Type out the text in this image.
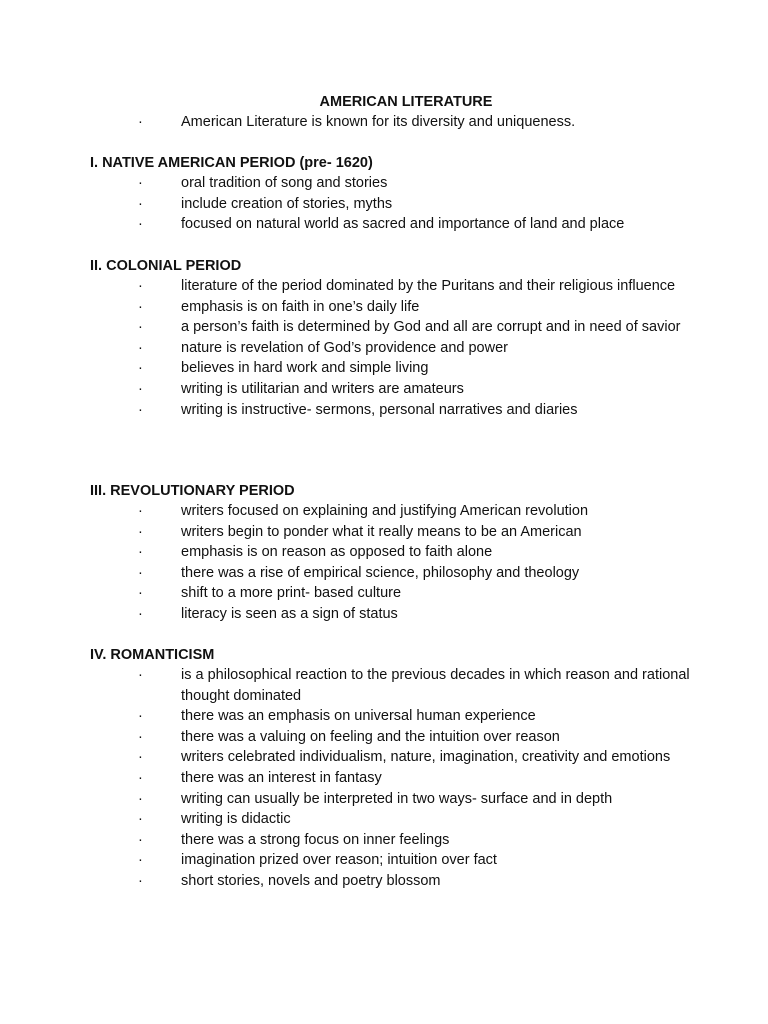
AMERICAN LITERATURE
·	American Literature is known for its diversity and uniqueness.
I. NATIVE AMERICAN PERIOD (pre- 1620)
·	oral tradition of song and stories
·	include creation of stories, myths
·	focused on natural world as sacred and importance of land and place
II. COLONIAL PERIOD
·	literature of the period dominated by the Puritans and their religious influence
·	emphasis is on faith in one’s daily life
·	a person’s faith is determined by God and all are corrupt and in need of savior
·	nature is revelation of God’s providence and power
·	believes in hard work and simple living
·	writing is utilitarian and writers are amateurs
·	writing is instructive- sermons, personal narratives and diaries
III. REVOLUTIONARY PERIOD
·	writers focused on explaining and justifying American revolution
·	writers begin to ponder what it really means to be an American
·	emphasis is on reason as opposed to faith alone
·	there was a rise of empirical science, philosophy and theology
·	shift to a more print- based culture
·	literacy is seen as a sign of status
IV. ROMANTICISM
·	is a philosophical reaction to the previous decades in which reason and rational thought dominated
·	there was an emphasis on universal human experience
·	there was a valuing on feeling and the intuition over reason
·	writers celebrated individualism, nature, imagination, creativity and emotions
·	there was an interest in fantasy
·	writing can usually be interpreted in two ways- surface and in depth
·	writing is didactic
·	there was a strong focus on inner feelings
·	imagination prized over reason; intuition over fact
·	short stories, novels and poetry blossom
